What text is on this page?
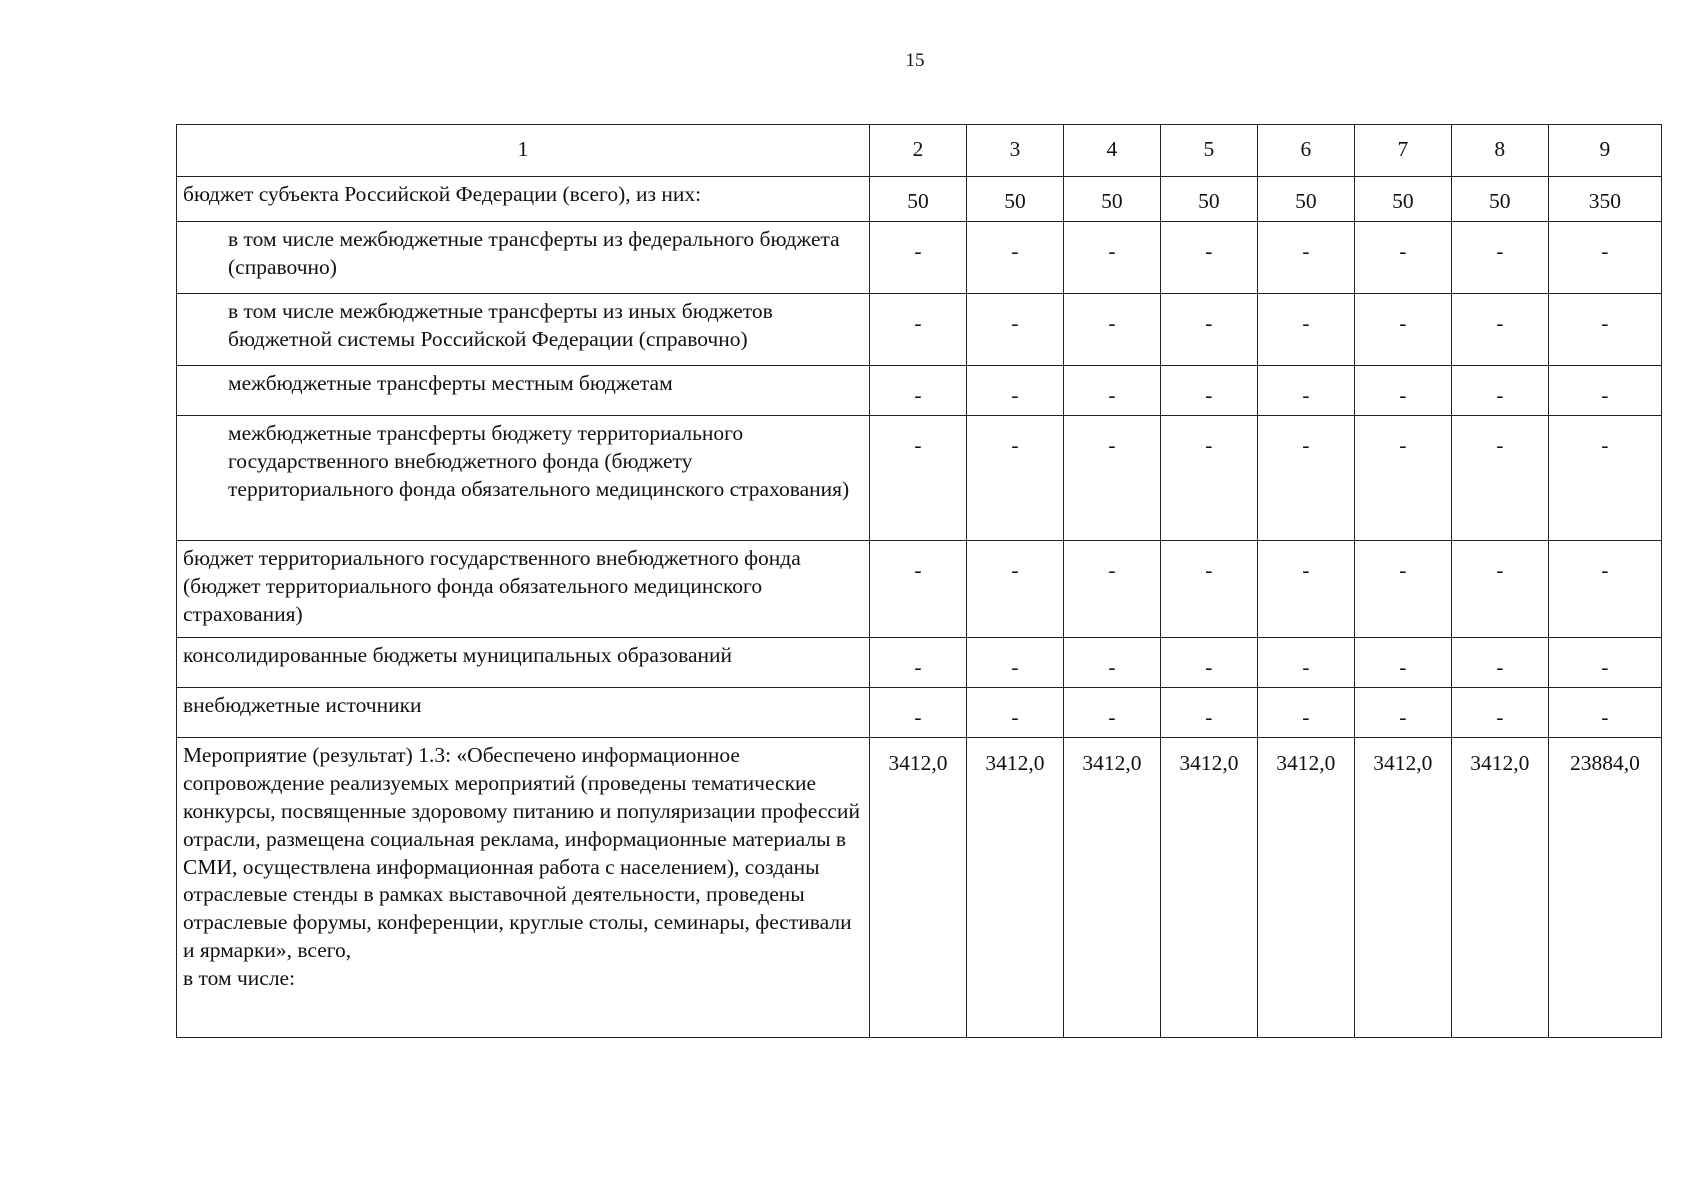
15
1	2	3	4	5	6	7	8	9
бюджет субъекта Российской Федерации (всего), из них:	50	50	50	50	50	50	50	350
в том числе межбюджетные трансферты из федерального бюджета (справочно)	-	-	-	-	-	-	-	-
в том числе межбюджетные трансферты из иных бюджетов бюджетной системы Российской Федерации (справочно)	-	-	-	-	-	-	-	-
межбюджетные трансферты местным бюджетам	-	-	-	-	-	-	-	-
межбюджетные трансферты бюджету территориального государственного внебюджетного фонда (бюджету территориального фонда обязательного медицинского страхования)	-	-	-	-	-	-	-	-
бюджет территориального государственного внебюджетного фонда (бюджет территориального фонда обязательного медицинского страхования)	-	-	-	-	-	-	-	-
консолидированные бюджеты муниципальных образований	-	-	-	-	-	-	-	-
внебюджетные источники	-	-	-	-	-	-	-	-

Мероприятие (результат) 1.3: «Обеспечено информационное сопровождение реализуемых мероприятий (проведены тематические конкурсы, посвященные здоровому питанию и популяризации профессий отрасли, размещена социальная реклама, информационные материалы в СМИ, осуществлена информационная работа с населением), созданы отраслевые стенды в рамках выставочной деятельности, проведены отраслевые форумы, конференции, круглые столы, семинары, фестивали и ярмарки», всего,
в том числе:	3412,0	3412,0	3412,0	3412,0	3412,0	3412,0	3412,0	23884,0
